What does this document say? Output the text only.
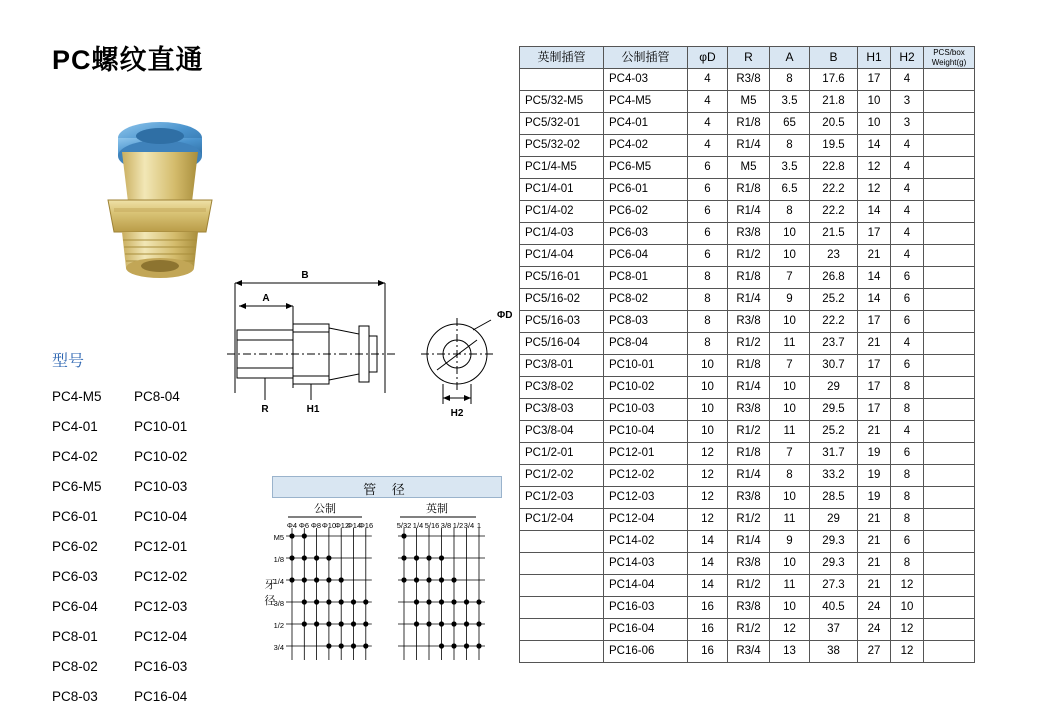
PC螺纹直通
型号
PC4-M5	PC8-04
PC4-01	PC10-01
PC4-02	PC10-02
PC6-M5	PC10-03
PC6-01	PC10-04
PC6-02	PC12-01
PC6-03	PC12-02
PC6-04	PC12-03
PC8-01	PC12-04
PC8-02	PC16-03
PC8-03	PC16-04
B
A
R	H1
ΦD
H2
管 径
公制	英制
Φ4 Φ6 Φ8 Φ10
Φ12
Φ14
Φ16	5/32 1/4 5/16 3/8 1/2 3/4 1
M5
1/8
1/4
3/8
1/2
3/4
牙
径
英制插管	公制插管	φD	R	A	B	H1	H2	PCS/box
Weight(g)
	PC4-03	4	R3/8	8	17.6	17	4	
PC5/32-M5	PC4-M5	4	M5	3.5	21.8	10	3	
PC5/32-01	PC4-01	4	R1/8	65	20.5	10	3	
PC5/32-02	PC4-02	4	R1/4	8	19.5	14	4	
PC1/4-M5	PC6-M5	6	M5	3.5	22.8	12	4	
PC1/4-01	PC6-01	6	R1/8	6.5	22.2	12	4	
PC1/4-02	PC6-02	6	R1/4	8	22.2	14	4	
PC1/4-03	PC6-03	6	R3/8	10	21.5	17	4	
PC1/4-04	PC6-04	6	R1/2	10	23	21	4	
PC5/16-01	PC8-01	8	R1/8	7	26.8	14	6	
PC5/16-02	PC8-02	8	R1/4	9	25.2	14	6	
PC5/16-03	PC8-03	8	R3/8	10	22.2	17	6	
PC5/16-04	PC8-04	8	R1/2	11	23.7	21	4	
PC3/8-01	PC10-01	10	R1/8	7	30.7	17	6	
PC3/8-02	PC10-02	10	R1/4	10	29	17	8	
PC3/8-03	PC10-03	10	R3/8	10	29.5	17	8	
PC3/8-04	PC10-04	10	R1/2	11	25.2	21	4	
PC1/2-01	PC12-01	12	R1/8	7	31.7	19	6	
PC1/2-02	PC12-02	12	R1/4	8	33.2	19	8	
PC1/2-03	PC12-03	12	R3/8	10	28.5	19	8	
PC1/2-04	PC12-04	12	R1/2	11	29	21	8	
	PC14-02	14	R1/4	9	29.3	21	6	
	PC14-03	14	R3/8	10	29.3	21	8	
	PC14-04	14	R1/2	11	27.3	21	12	
	PC16-03	16	R3/8	10	40.5	24	10	
	PC16-04	16	R1/2	12	37	24	12	
	PC16-06	16	R3/4	13	38	27	12	
